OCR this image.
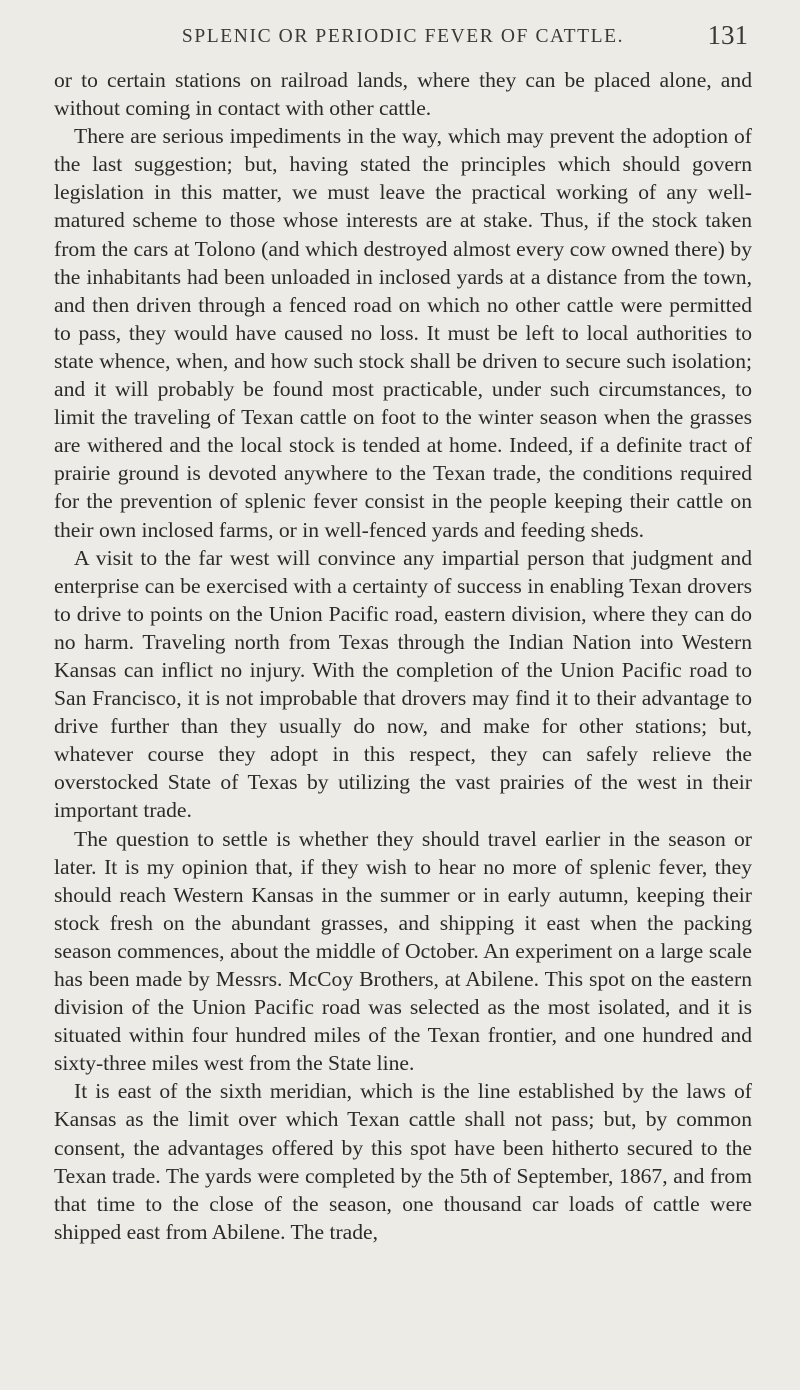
SPLENIC OR PERIODIC FEVER OF CATTLE.	131

or to certain stations on railroad lands, where they can be placed alone, and without coming in contact with other cattle.

There are serious impediments in the way, which may prevent the adoption of the last suggestion; but, having stated the principles which should govern legislation in this matter, we must leave the practical working of any well-matured scheme to those whose interests are at stake. Thus, if the stock taken from the cars at Tolono (and which destroyed almost every cow owned there) by the inhabitants had been unloaded in inclosed yards at a distance from the town, and then driven through a fenced road on which no other cattle were permitted to pass, they would have caused no loss. It must be left to local authorities to state whence, when, and how such stock shall be driven to secure such isolation; and it will probably be found most practicable, under such circumstances, to limit the traveling of Texan cattle on foot to the winter season when the grasses are withered and the local stock is tended at home. Indeed, if a definite tract of prairie ground is devoted anywhere to the Texan trade, the conditions required for the prevention of splenic fever consist in the people keeping their cattle on their own inclosed farms, or in well-fenced yards and feeding sheds.

A visit to the far west will convince any impartial person that judgment and enterprise can be exercised with a certainty of success in enabling Texan drovers to drive to points on the Union Pacific road, eastern division, where they can do no harm. Traveling north from Texas through the Indian Nation into Western Kansas can inflict no injury. With the completion of the Union Pacific road to San Francisco, it is not improbable that drovers may find it to their advantage to drive further than they usually do now, and make for other stations; but, whatever course they adopt in this respect, they can safely relieve the overstocked State of Texas by utilizing the vast prairies of the west in their important trade.

The question to settle is whether they should travel earlier in the season or later. It is my opinion that, if they wish to hear no more of splenic fever, they should reach Western Kansas in the summer or in early autumn, keeping their stock fresh on the abundant grasses, and shipping it east when the packing season commences, about the middle of October. An experiment on a large scale has been made by Messrs. McCoy Brothers, at Abilene. This spot on the eastern division of the Union Pacific road was selected as the most isolated, and it is situated within four hundred miles of the Texan frontier, and one hundred and sixty-three miles west from the State line.

It is east of the sixth meridian, which is the line established by the laws of Kansas as the limit over which Texan cattle shall not pass; but, by common consent, the advantages offered by this spot have been hitherto secured to the Texan trade. The yards were completed by the 5th of September, 1867, and from that time to the close of the season, one thousand car loads of cattle were shipped east from Abilene. The trade,
